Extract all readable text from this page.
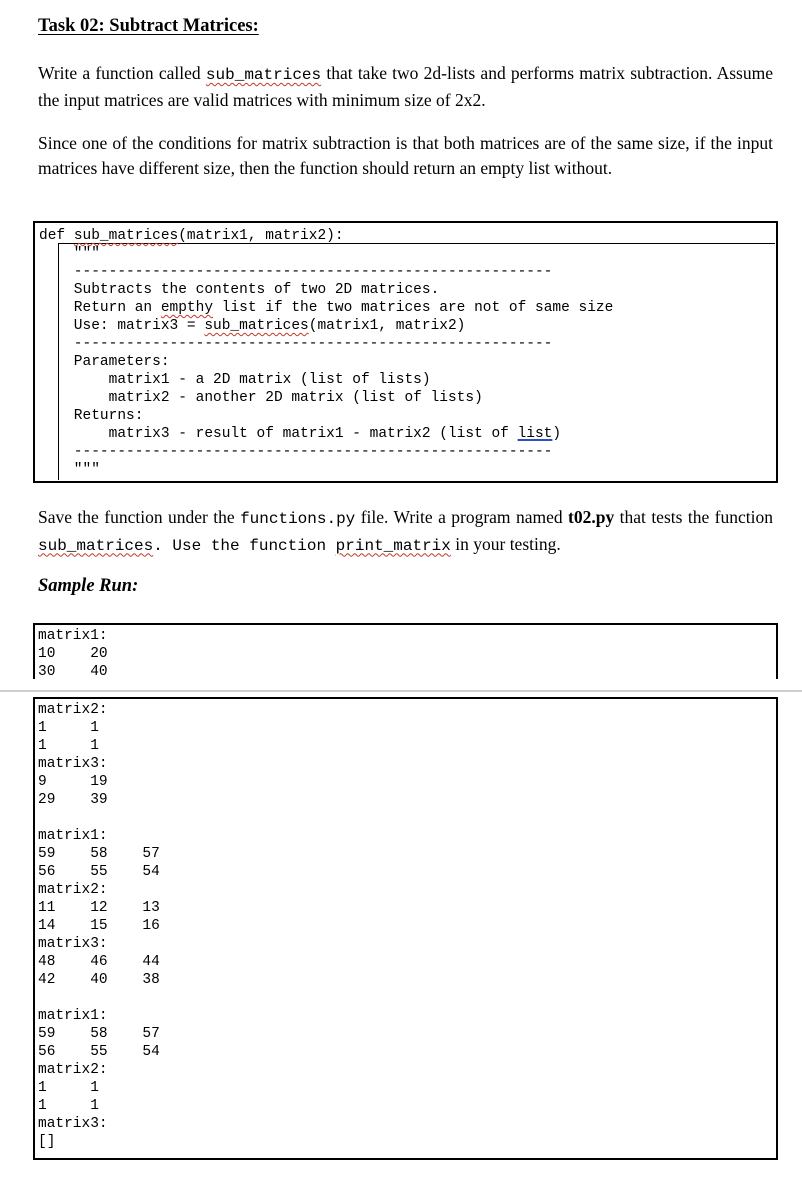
Task 02: Subtract Matrices:
Write a function called sub_matrices that take two 2d-lists and performs matrix subtraction. Assume the input matrices are valid matrices with minimum size of 2x2.
Since one of the conditions for matrix subtraction is that both matrices are of the same size, if the input matrices have different size, then the function should return an empty list without.
def sub_matrices(matrix1, matrix2):
"""
-------------------------------------------------------
Subtracts the contents of two 2D matrices.
Return an empthy list if the two matrices are not of same size
Use: matrix3 = sub_matrices(matrix1, matrix2)
-------------------------------------------------------
Parameters:
matrix1 - a 2D matrix (list of lists)
matrix2 - another 2D matrix (list of lists)
Returns:
matrix3 - result of matrix1 - matrix2 (list of list)
-------------------------------------------------------
"""
Save the function under the functions.py file. Write a program named t02.py that tests the function sub_matrices. Use the function print_matrix in your testing.
Sample Run:
matrix1:
10    20
30    40
matrix2:
1     1
1     1
matrix3:
9     19
29    39

matrix1:
59    58    57
56    55    54
matrix2:
11    12    13
14    15    16
matrix3:
48    46    44
42    40    38

matrix1:
59    58    57
56    55    54
matrix2:
1     1
1     1
matrix3:
[]
